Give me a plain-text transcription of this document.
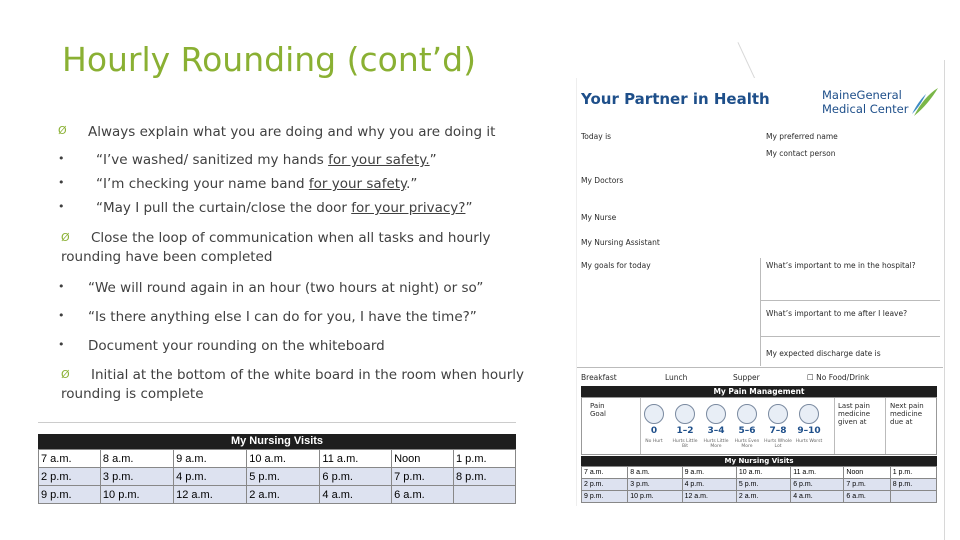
Hourly Rounding (cont’d)
Ø Always explain what you are doing and why you are doing it
• “I’ve washed/ sanitized my hands for your safety.”
• “I’m checking your name band for your safety.”
• “May I pull the curtain/close the door for your privacy?”
Ø	Close the loop of communication when all tasks and hourly rounding have been completed
• “We will round again in an hour (two hours at night) or so”
• “Is there anything else I can do for you, I have the time?”
• Document your rounding on the whiteboard
Ø	Initial at the bottom of the white board in the room when hourly rounding is complete
My Nursing Visits
7 a.m.	8 a.m.	9 a.m.	10 a.m.	11 a.m.	Noon	1 p.m.
2 p.m.	3 p.m.	4 p.m.	5 p.m.	6 p.m.	7 p.m.	8 p.m.
9 p.m.	10 p.m.	12 a.m.	2 a.m.	4 a.m.	6 a.m.	
Your Partner in Health	MaineGeneral
Medical Center
Today is	My preferred name
My contact person
My Doctors
My Nurse
My Nursing Assistant
My goals for today	What’s important to me in the hospital?
What’s important to me after I leave?
My expected discharge date is
Breakfast	Lunch	Supper	☐ No Food/Drink
My Pain Management
Pain Goal
Last pain medicine given at
Next pain medicine due at
0	1–2	3–4	5–6	7–8	9–10
No Hurt	Hurts Little Bit
Hurts Little More
Hurts Even More
Hurts Whole Lot
Hurts Worst
My Nursing Visits
7 a.m.	8 a.m.	9 a.m.	10 a.m.	11 a.m.	Noon	1 p.m.
2 p.m.	3 p.m.	4 p.m.	5 p.m.	6 p.m.	7 p.m.	8 p.m.
9 p.m.	10 p.m.	12 a.m.	2 a.m.	4 a.m.	6 a.m.	
